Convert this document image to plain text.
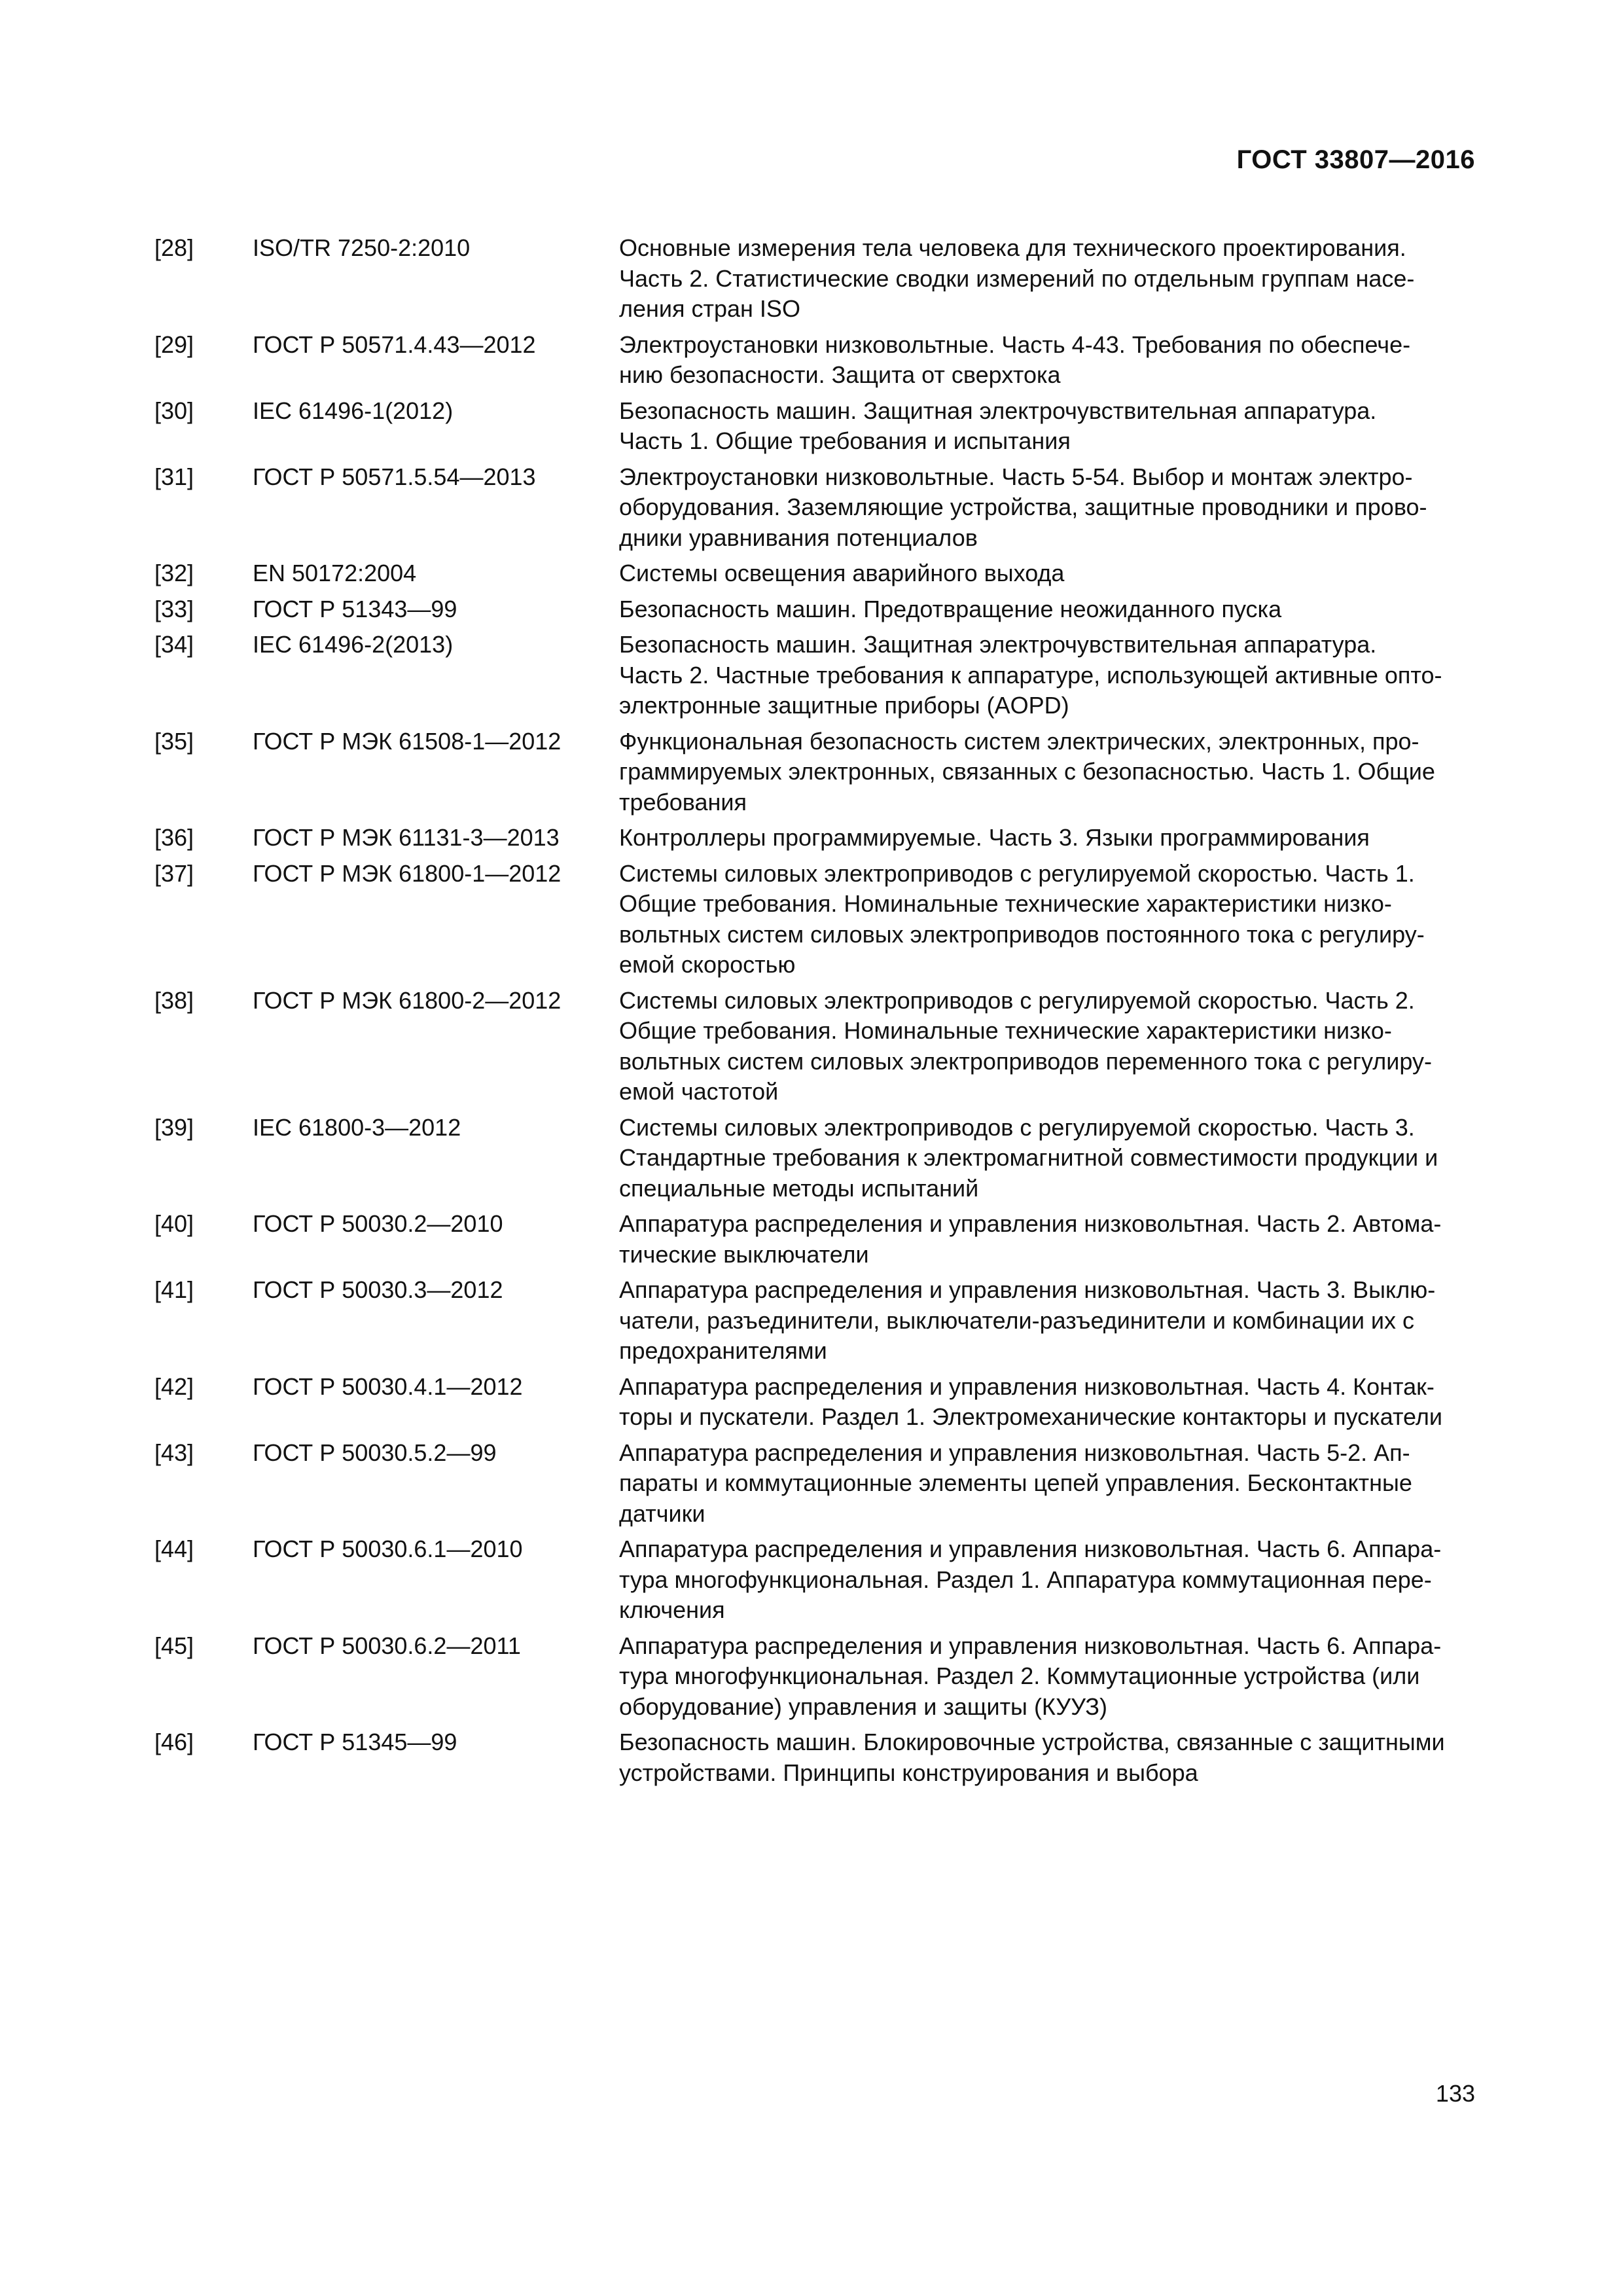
ГОСТ 33807—2016
[28]	ISO/TR 7250-2:2010	Основные измерения тела человека для технического проектирования.
Часть 2. Статистические сводки измерений по отдельным группам насе-
ления стран ISO
[29]	ГОСТ Р 50571.4.43—2012	Электроустановки низковольтные. Часть 4-43. Требования по обеспече-
нию безопасности. Защита от сверхтока
[30]	IEC 61496-1(2012)	Безопасность машин. Защитная электрочувствительная аппаратура.
Часть 1. Общие требования и испытания
[31]	ГОСТ Р 50571.5.54—2013	Электроустановки низковольтные. Часть 5-54. Выбор и монтаж электро-
оборудования. Заземляющие устройства, защитные проводники и прово-
дники уравнивания потенциалов
[32]	EN 50172:2004	Системы освещения аварийного выхода
[33]	ГОСТ Р 51343—99	Безопасность машин. Предотвращение неожиданного пуска
[34]	IEC 61496-2(2013)	Безопасность машин. Защитная электрочувствительная аппаратура.
Часть 2. Частные требования к аппаратуре, использующей активные опто-
электронные защитные приборы (AOPD)
[35]	ГОСТ Р МЭК 61508-1—2012	Функциональная безопасность систем электрических, электронных, про-
граммируемых электронных, связанных с безопасностью. Часть 1. Общие
требования
[36]	ГОСТ Р МЭК 61131-3—2013	Контроллеры программируемые. Часть 3. Языки программирования
[37]	ГОСТ Р МЭК 61800-1—2012	Системы силовых электроприводов с регулируемой скоростью. Часть 1.
Общие требования. Номинальные технические характеристики низко-
вольтных систем силовых электроприводов постоянного тока с регулиру-
емой скоростью
[38]	ГОСТ Р МЭК 61800-2—2012	Системы силовых электроприводов с регулируемой скоростью. Часть 2.
Общие требования. Номинальные технические характеристики низко-
вольтных систем силовых электроприводов переменного тока с регулиру-
емой частотой
[39]	IEC 61800-3—2012	Системы силовых электроприводов с регулируемой скоростью. Часть 3.
Стандартные требования к электромагнитной совместимости продукции и
специальные методы испытаний
[40]	ГОСТ Р 50030.2—2010	Аппаратура распределения и управления низковольтная. Часть 2. Автома-
тические выключатели
[41]	ГОСТ Р 50030.3—2012	Аппаратура распределения и управления низковольтная. Часть 3. Выклю-
чатели, разъединители, выключатели-разъединители и комбинации их с
предохранителями
[42]	ГОСТ Р 50030.4.1—2012	Аппаратура распределения и управления низковольтная. Часть 4. Контак-
торы и пускатели. Раздел 1. Электромеханические контакторы и пускатели
[43]	ГОСТ Р 50030.5.2—99	Аппаратура распределения и управления низковольтная. Часть 5-2. Ап-
параты и коммутационные элементы цепей управления. Бесконтактные
датчики
[44]	ГОСТ Р 50030.6.1—2010	Аппаратура распределения и управления низковольтная. Часть 6. Аппара-
тура многофункциональная. Раздел 1. Аппаратура коммутационная пере-
ключения
[45]	ГОСТ Р 50030.6.2—2011	Аппаратура распределения и управления низковольтная. Часть 6. Аппара-
тура многофункциональная. Раздел 2. Коммутационные устройства (или
оборудование) управления и защиты (КУУЗ)
[46]	ГОСТ Р 51345—99	Безопасность машин. Блокировочные устройства, связанные с защитными
устройствами. Принципы конструирования и выбора
133
